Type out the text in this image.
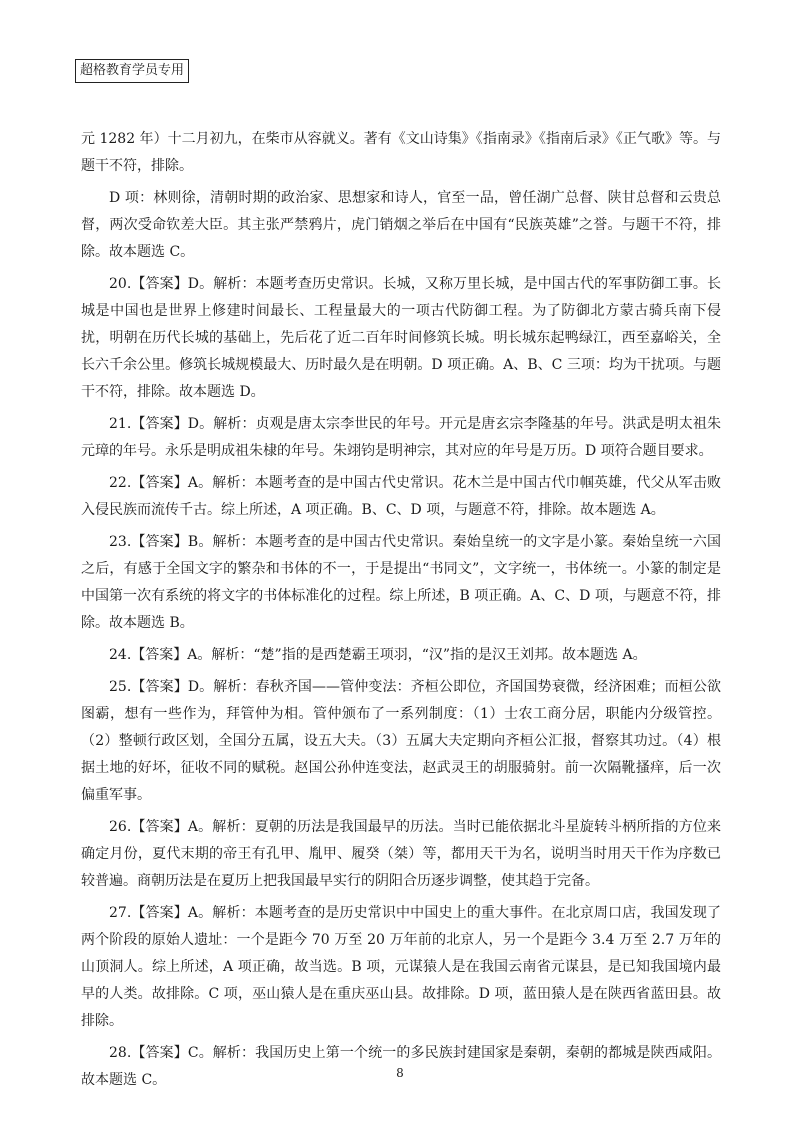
超格教育学员专用

元 1282 年）十二月初九，在柴市从容就义。著有《文山诗集》《指南录》《指南后录》《正气歌》等。与题干不符，排除。

D 项：林则徐，清朝时期的政治家、思想家和诗人，官至一品，曾任湖广总督、陕甘总督和云贵总督，两次受命钦差大臣。其主张严禁鸦片，虎门销烟之举后在中国有“民族英雄”之誉。与题干不符，排除。故本题选 C。

20.【答案】D。解析：本题考查历史常识。长城，又称万里长城，是中国古代的军事防御工事。长城是中国也是世界上修建时间最长、工程量最大的一项古代防御工程。为了防御北方蒙古骑兵南下侵扰，明朝在历代长城的基础上，先后花了近二百年时间修筑长城。明长城东起鸭绿江，西至嘉峪关，全长六千余公里。修筑长城规模最大、历时最久是在明朝。D 项正确。A、B、C 三项：均为干扰项。与题干不符，排除。故本题选 D。

21.【答案】D。解析：贞观是唐太宗李世民的年号。开元是唐玄宗李隆基的年号。洪武是明太祖朱元璋的年号。永乐是明成祖朱棣的年号。朱翊钧是明神宗，其对应的年号是万历。D 项符合题目要求。

22.【答案】A。解析：本题考查的是中国古代史常识。花木兰是中国古代巾帼英雄，代父从军击败入侵民族而流传千古。综上所述，A 项正确。B、C、D 项，与题意不符，排除。故本题选 A。

23.【答案】B。解析：本题考查的是中国古代史常识。秦始皇统一的文字是小篆。秦始皇统一六国之后，有感于全国文字的繁杂和书体的不一，于是提出“书同文”，文字统一，书体统一。小篆的制定是中国第一次有系统的将文字的书体标准化的过程。综上所述，B 项正确。A、C、D 项，与题意不符，排除。故本题选 B。

24.【答案】A。解析：“楚”指的是西楚霸王项羽，“汉”指的是汉王刘邦。故本题选 A。

25.【答案】D。解析：春秋齐国——管仲变法：齐桓公即位，齐国国势衰微，经济困难；而桓公欲图霸，想有一些作为，拜管仲为相。管仲颁布了一系列制度：（1）士农工商分居，职能内分级管控。（2）整顿行政区划，全国分五属，设五大夫。（3）五属大夫定期向齐桓公汇报，督察其功过。（4）根据土地的好坏，征收不同的赋税。赵国公孙仲连变法，赵武灵王的胡服骑射。前一次隔靴搔痒，后一次偏重军事。

26.【答案】A。解析：夏朝的历法是我国最早的历法。当时已能依据北斗星旋转斗柄所指的方位来确定月份，夏代末期的帝王有孔甲、胤甲、履癸（桀）等，都用天干为名，说明当时用天干作为序数已较普遍。商朝历法是在夏历上把我国最早实行的阴阳合历逐步调整，使其趋于完备。

27.【答案】A。解析：本题考查的是历史常识中中国史上的重大事件。在北京周口店，我国发现了两个阶段的原始人遗址：一个是距今 70 万至 20 万年前的北京人，另一个是距今 3.4 万至 2.7 万年的山顶洞人。综上所述，A 项正确，故当选。B 项，元谋猿人是在我国云南省元谋县，是已知我国境内最早的人类。故排除。C 项，巫山猿人是在重庆巫山县。故排除。D 项，蓝田猿人是在陕西省蓝田县。故排除。

28.【答案】C。解析：我国历史上第一个统一的多民族封建国家是秦朝，秦朝的都城是陕西咸阳。故本题选 C。	8
